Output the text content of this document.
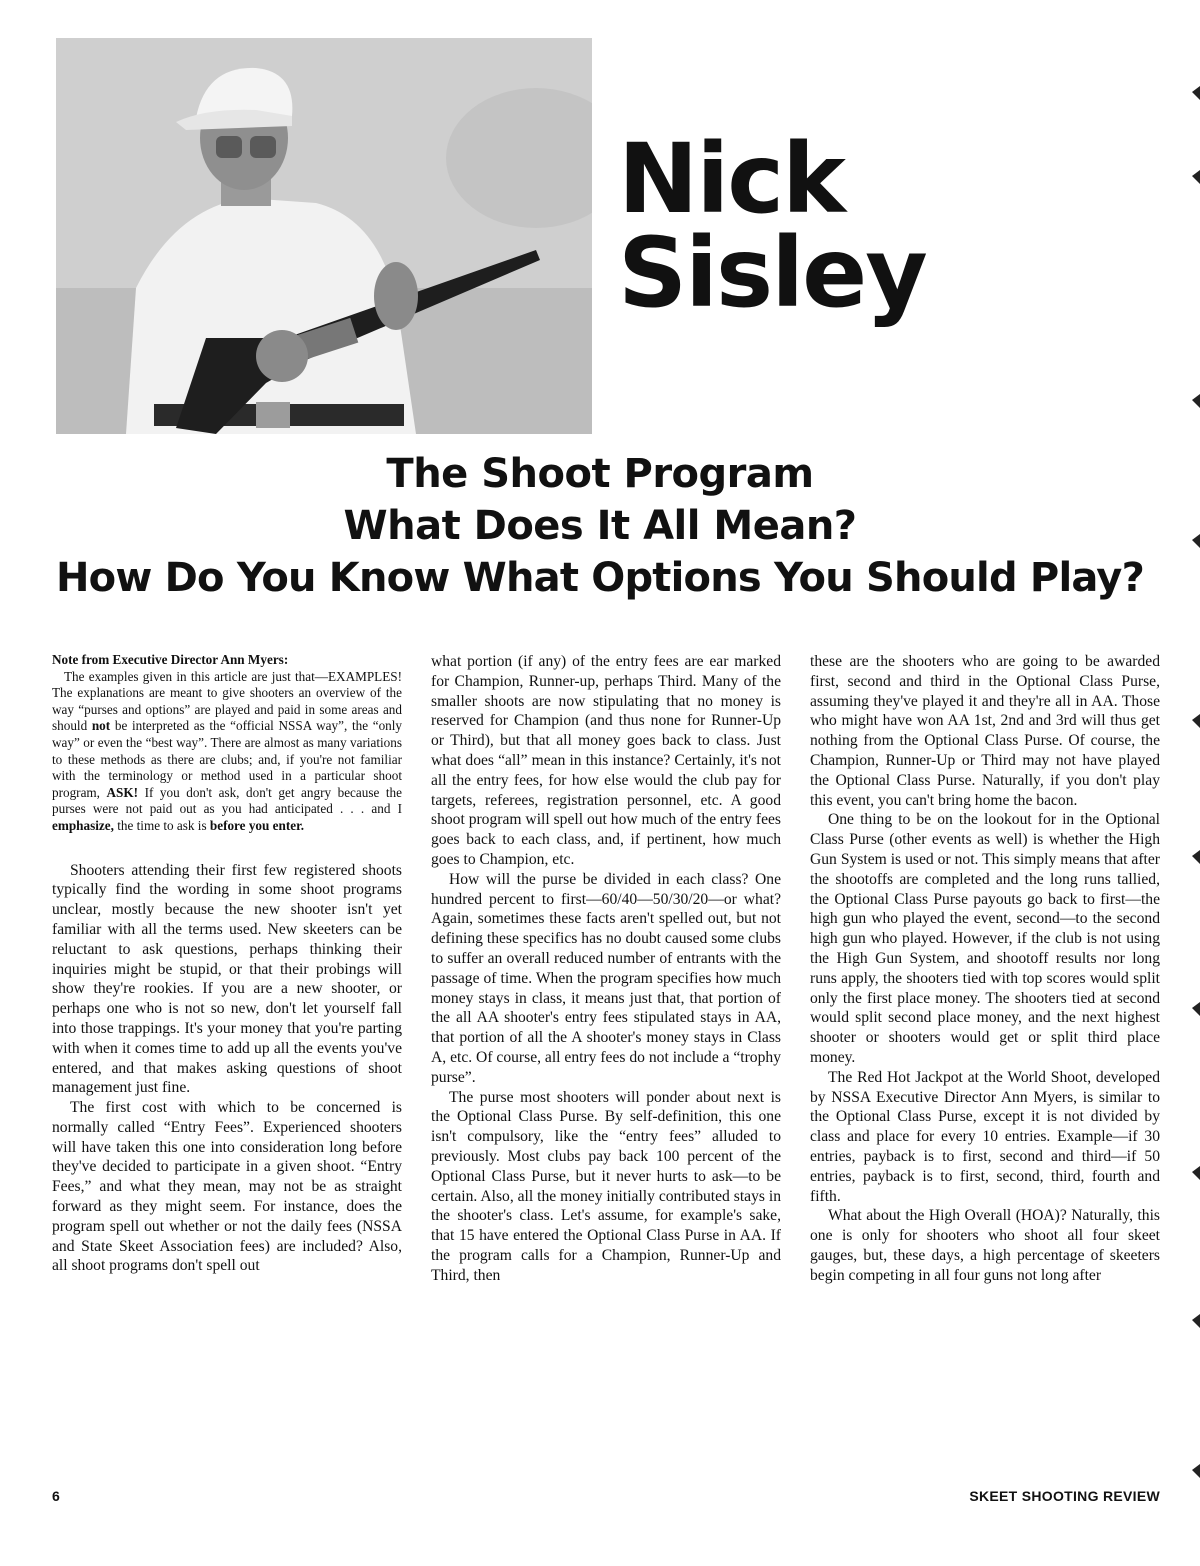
Nick
Sisley
The Shoot Program
What Does It All Mean?
How Do You Know What Options You Should Play?

Note from Executive Director Ann Myers:

The examples given in this article are just that—EXAMPLES! The explanations are meant to give shooters an overview of the way “purses and options” are played and paid in some areas and should not be interpreted as the “official NSSA way”, the “only way” or even the “best way”. There are almost as many variations to these methods as there are clubs; and, if you're not familiar with the terminology or method used in a particular shoot program, ASK! If you don't ask, don't get angry because the purses were not paid out as you had anticipated . . . and I emphasize, the time to ask is before you enter.

Shooters attending their first few registered shoots typically find the wording in some shoot programs unclear, mostly because the new shooter isn't yet familiar with all the terms used. New skeeters can be reluctant to ask questions, perhaps thinking their inquiries might be stupid, or that their probings will show they're rookies. If you are a new shooter, or perhaps one who is not so new, don't let yourself fall into those trappings. It's your money that you're parting with when it comes time to add up all the events you've entered, and that makes asking questions of shoot management just fine.

The first cost with which to be concerned is normally called “Entry Fees”. Experienced shooters will have taken this one into consideration long before they've decided to participate in a given shoot. “Entry Fees,” and what they mean, may not be as straight forward as they might seem. For instance, does the program spell out whether or not the daily fees (NSSA and State Skeet Association fees) are included? Also, all shoot programs don't spell out

what portion (if any) of the entry fees are ear marked for Champion, Runner-up, perhaps Third. Many of the smaller shoots are now stipulating that no money is reserved for Champion (and thus none for Runner-Up or Third), but that all money goes back to class. Just what does “all” mean in this instance? Certainly, it's not all the entry fees, for how else would the club pay for targets, referees, registration personnel, etc. A good shoot program will spell out how much of the entry fees goes back to each class, and, if pertinent, how much goes to Champion, etc.

How will the purse be divided in each class? One hundred percent to first—60/40—50/30/20—or what? Again, sometimes these facts aren't spelled out, but not defining these specifics has no doubt caused some clubs to suffer an overall reduced number of entrants with the passage of time. When the program specifies how much money stays in class, it means just that, that portion of the all AA shooter's entry fees stipulated stays in AA, that portion of all the A shooter's money stays in Class A, etc. Of course, all entry fees do not include a “trophy purse”.

The purse most shooters will ponder about next is the Optional Class Purse. By self-definition, this one isn't compulsory, like the “entry fees” alluded to previously. Most clubs pay back 100 percent of the Optional Class Purse, but it never hurts to ask—to be certain. Also, all the money initially contributed stays in the shooter's class. Let's assume, for example's sake, that 15 have entered the Optional Class Purse in AA. If the program calls for a Champion, Runner-Up and Third, then

these are the shooters who are going to be awarded first, second and third in the Optional Class Purse, assuming they've played it and they're all in AA. Those who might have won AA 1st, 2nd and 3rd will thus get nothing from the Optional Class Purse. Of course, the Champion, Runner-Up or Third may not have played the Optional Class Purse. Naturally, if you don't play this event, you can't bring home the bacon.

One thing to be on the lookout for in the Optional Class Purse (other events as well) is whether the High Gun System is used or not. This simply means that after the shootoffs are completed and the long runs tallied, the Optional Class Purse payouts go back to first—the high gun who played the event, second—to the second high gun who played. However, if the club is not using the High Gun System, and shootoff results nor long runs apply, the shooters tied with top scores would split only the first place money. The shooters tied at second would split second place money, and the next highest shooter or shooters would get or split third place money.

The Red Hot Jackpot at the World Shoot, developed by NSSA Executive Director Ann Myers, is similar to the Optional Class Purse, except it is not divided by class and place for every 10 entries. Example—if 30 entries, payback is to first, second and third—if 50 entries, payback is to first, second, third, fourth and fifth.

What about the High Overall (HOA)? Naturally, this one is only for shooters who shoot all four skeet gauges, but, these days, a high percentage of skeeters begin competing in all four guns not long after

6	SKEET SHOOTING REVIEW
